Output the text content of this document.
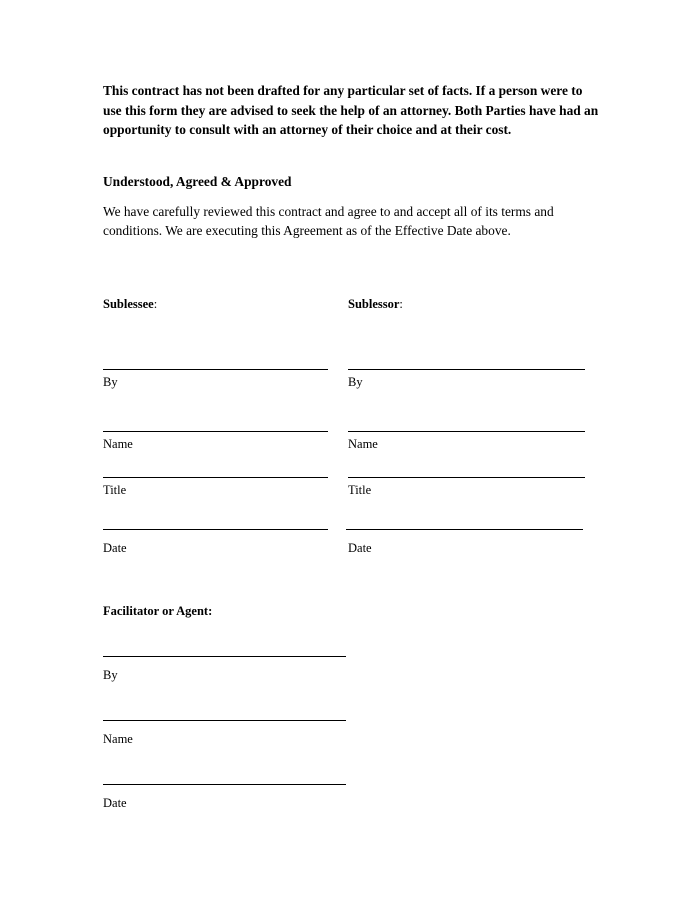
This contract has not been drafted for any particular set of facts. If a person were to use this form they are advised to seek the help of an attorney. Both Parties have had an opportunity to consult with an attorney of their choice and at their cost.

Understood, Agreed & Approved

We have carefully reviewed this contract and agree to and accept all of its terms and conditions. We are executing this Agreement as of the Effective Date above.

Sublessee:
By
Name
Title
Date
Sublessor:
By
Name
Title
Date
Facilitator or Agent:
By
Name
Date
